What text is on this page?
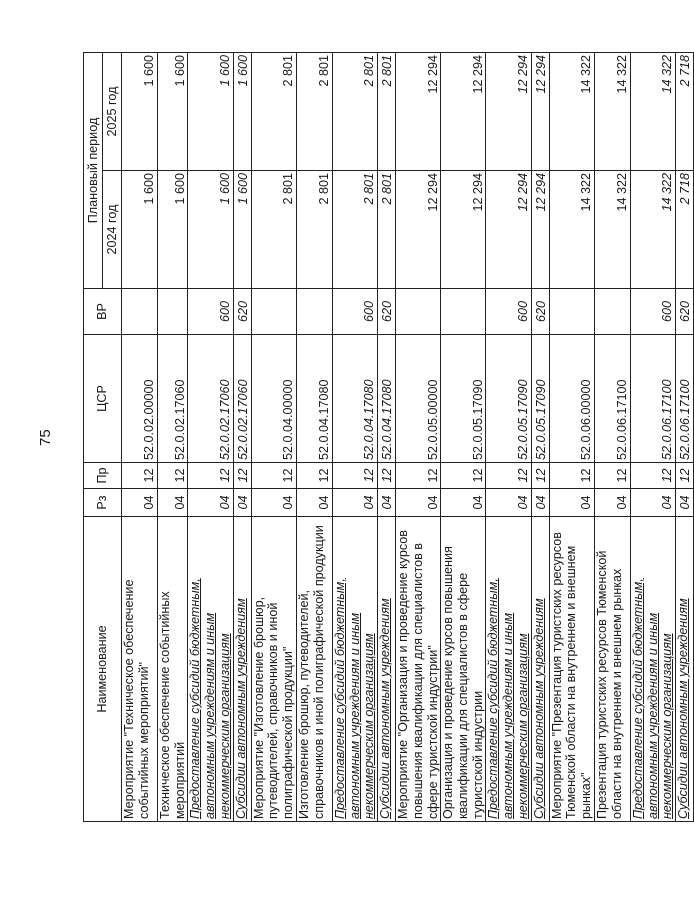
75
Наименование	Рз	Пр	ЦСР	ВР	Плановый период	
					2024 год	2025 год
Мероприятие "Техническое обеспечение событийных мероприятий"	04	12	52.0.02.00000		1 600	1 600
Техническое обеспечение событийных мероприятий	04	12	52.0.02.17060		1 600	1 600
Предоставление субсидий бюджетным, автономным учреждениям и иным некоммерческим организациям	04	12	52.0.02.17060	600	1 600	1 600
Субсидии автономным учреждениям	04	12	52.0.02.17060	620	1 600	1 600
Мероприятие "Изготовление брошюр, путеводителей, справочников и иной полиграфической продукции"	04	12	52.0.04.00000		2 801	2 801
Изготовление брошюр, путеводителей, справочников и иной полиграфической продукции	04	12	52.0.04.17080		2 801	2 801
Предоставление субсидий бюджетным, автономным учреждениям и иным некоммерческим организациям	04	12	52.0.04.17080	600	2 801	2 801
Субсидии автономным учреждениям	04	12	52.0.04.17080	620	2 801	2 801
Мероприятие "Организация и проведение курсов повышения квалификации для специалистов в сфере туристской индустрии"	04	12	52.0.05.00000		12 294	12 294
Организация и проведение курсов повышения квалификации для специалистов в сфере туристской индустрии	04	12	52.0.05.17090		12 294	12 294
Предоставление субсидий бюджетным, автономным учреждениям и иным некоммерческим организациям	04	12	52.0.05.17090	600	12 294	12 294
Субсидии автономным учреждениям	04	12	52.0.05.17090	620	12 294	12 294
Мероприятие "Презентация туристских ресурсов Тюменской области на внутреннем и внешнем рынках"	04	12	52.0.06.00000		14 322	14 322
Презентация туристских ресурсов Тюменской области на внутреннем и внешнем рынках	04	12	52.0.06.17100		14 322	14 322
Предоставление субсидий бюджетным, автономным учреждениям и иным некоммерческим организациям	04	12	52.0.06.17100	600	14 322	14 322
Субсидии автономным учреждениям	04	12	52.0.06.17100	620	2 718	2 718
